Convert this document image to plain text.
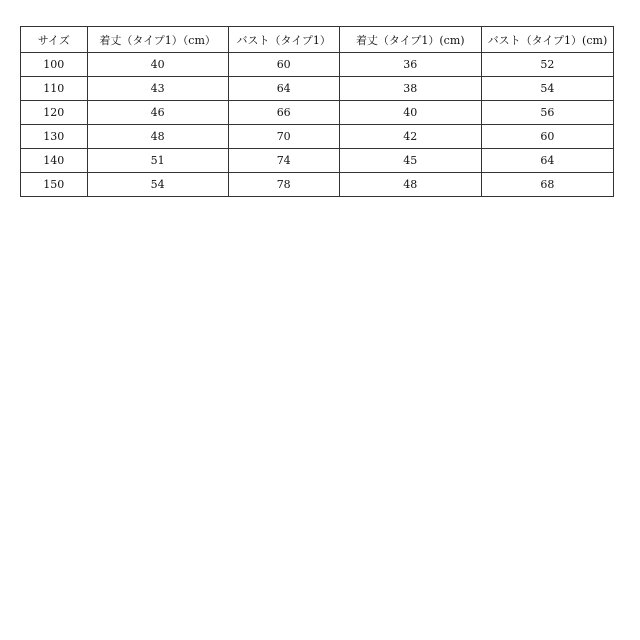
サイズ	着丈（タイプ1）（cm）	バスト（タイプ1）	着丈（タイプ1）(cm)	バスト（タイプ1）(cm)
100	40	60	36	52
110	43	64	38	54
120	46	66	40	56
130	48	70	42	60
140	51	74	45	64
150	54	78	48	68
